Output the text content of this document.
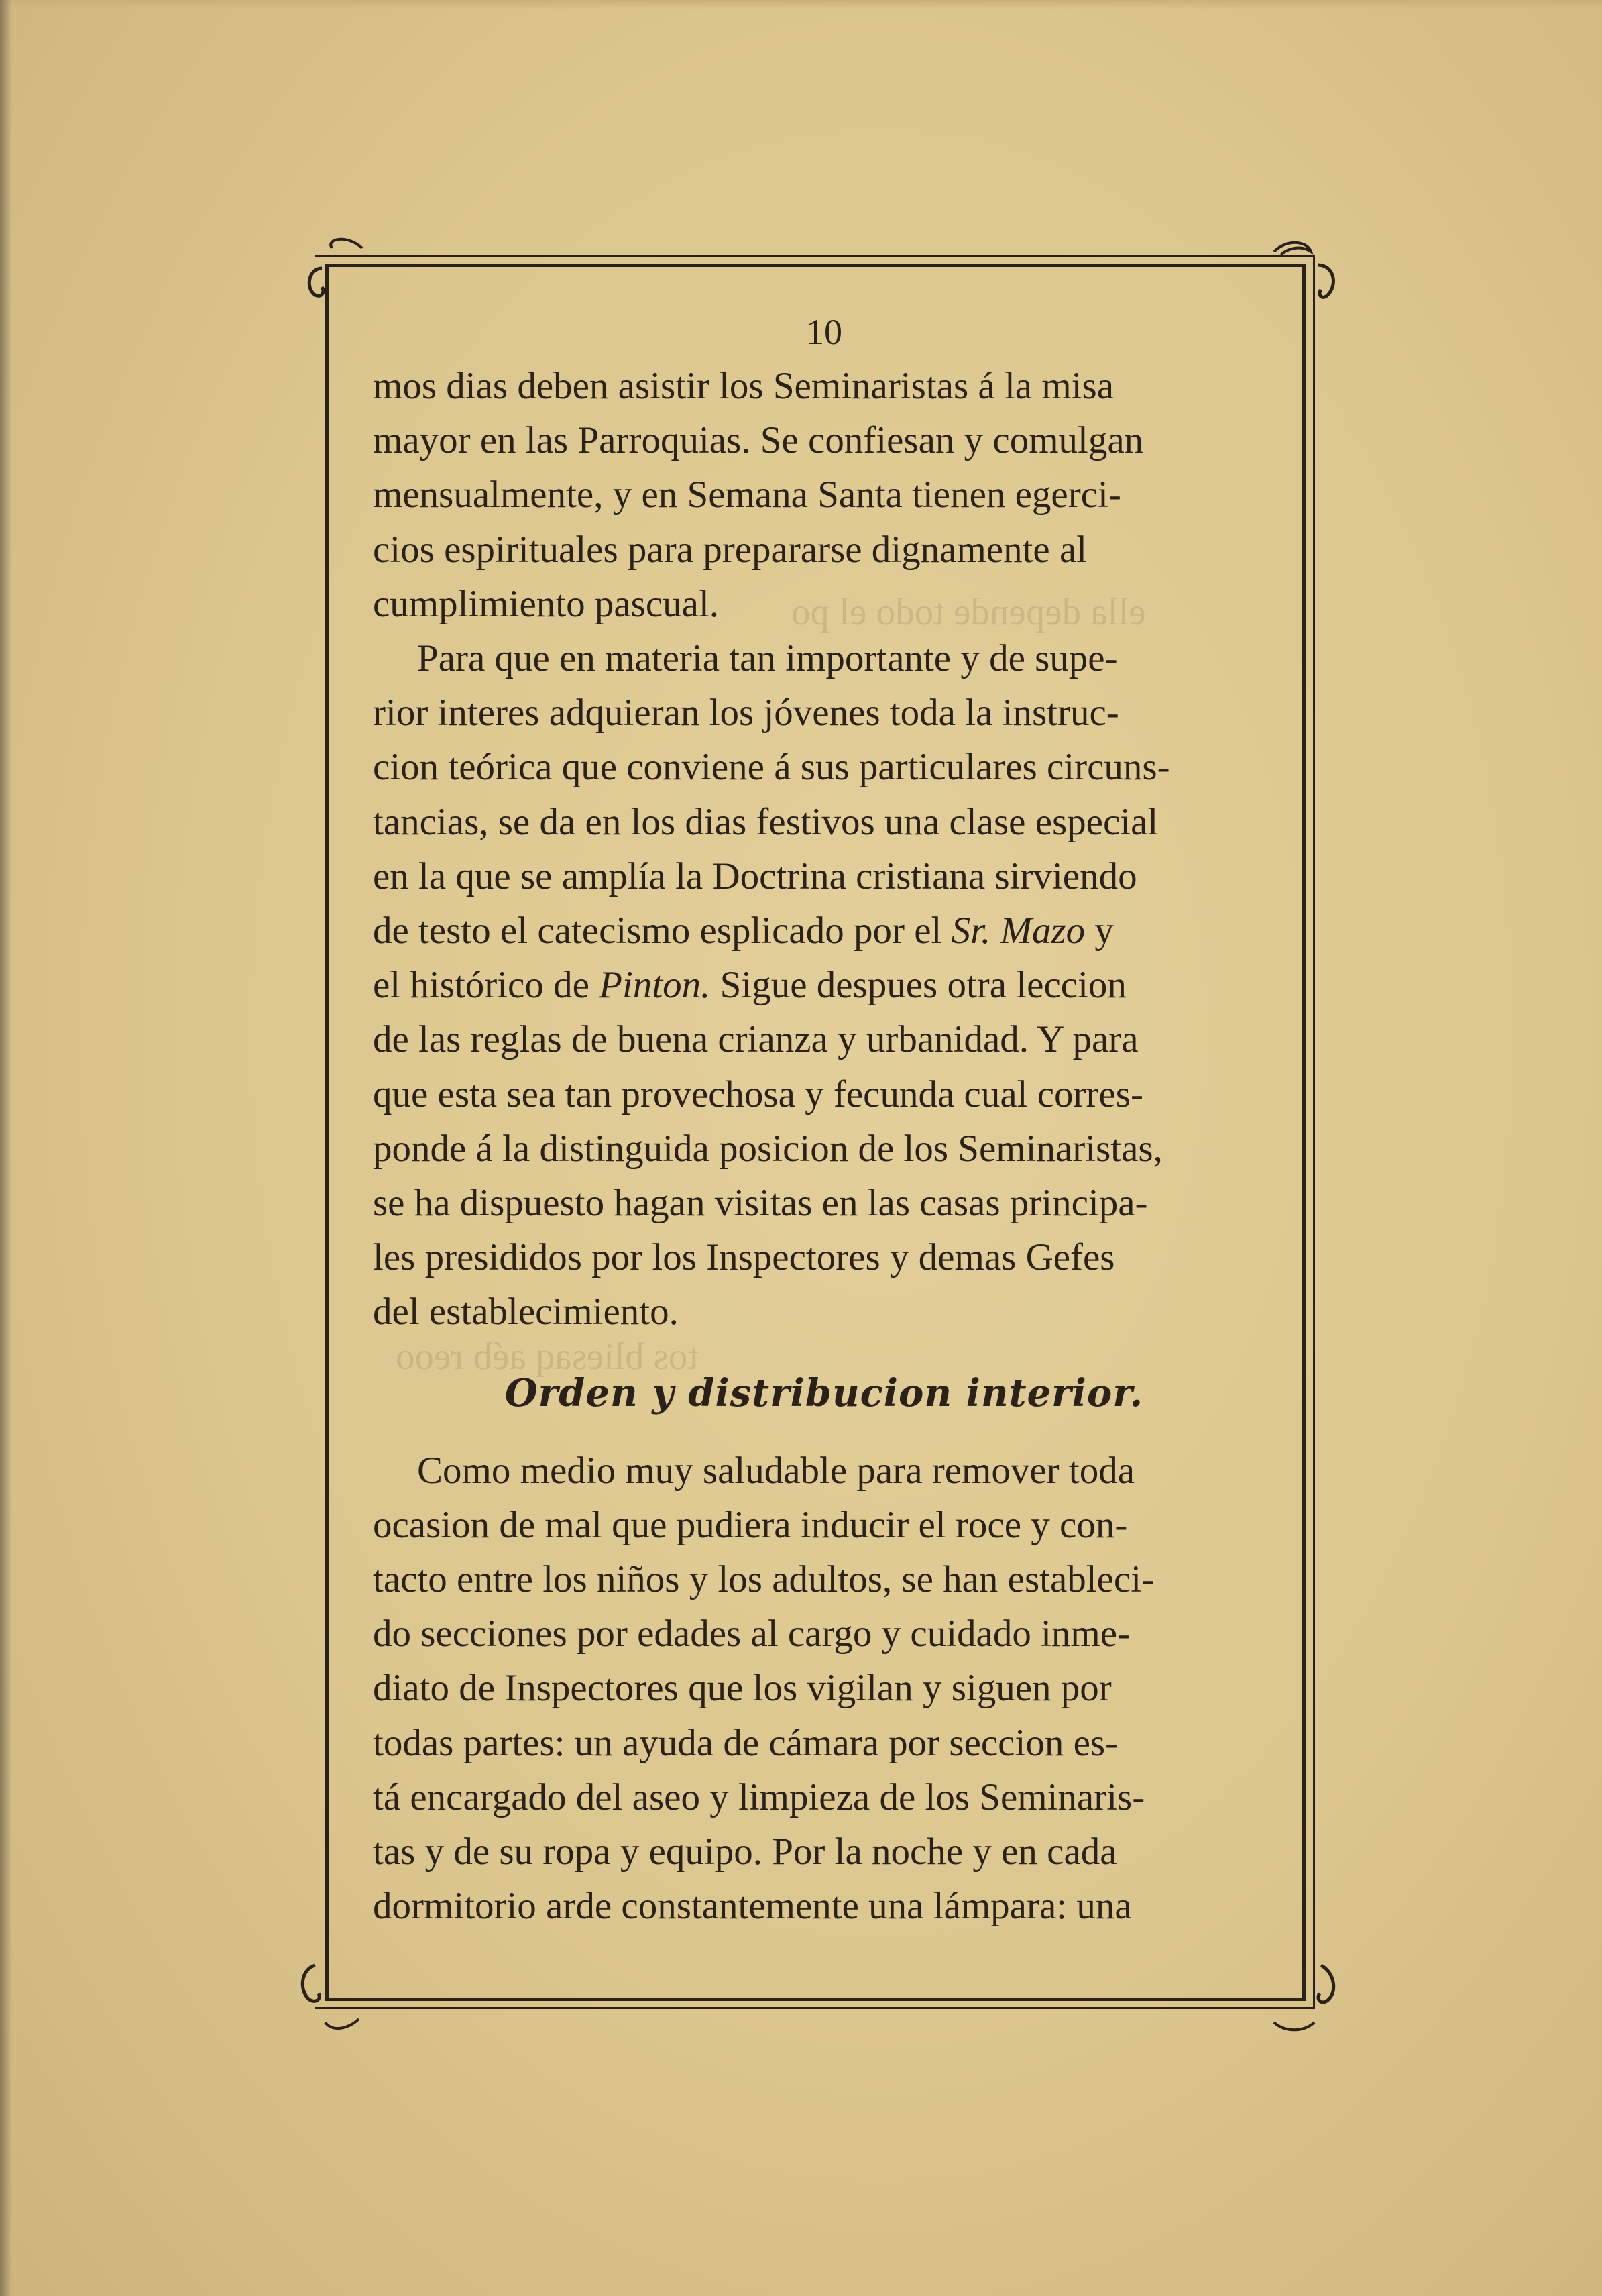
ella depende todo el po
tos bliesaq aéb reoo
10

mos dias deben asistir los Seminaristas á la misa
mayor en las Parroquias. Se confiesan y comulgan
mensualmente, y en Semana Santa tienen egerci-
cios espirituales para prepararse dignamente al
cumplimiento pascual.

Para que en materia tan importante y de supe-
rior interes adquieran los jóvenes toda la instruc-
cion teórica que conviene á sus particulares circuns-
tancias, se da en los dias festivos una clase especial
en la que se amplía la Doctrina cristiana sirviendo
de testo el catecismo esplicado por el Sr. Mazo y
el histórico de Pinton. Sigue despues otra leccion
de las reglas de buena crianza y urbanidad. Y para
que esta sea tan provechosa y fecunda cual corres-
ponde á la distinguida posicion de los Seminaristas,
se ha dispuesto hagan visitas en las casas principa-
les presididos por los Inspectores y demas Gefes
del establecimiento.

Orden y distribucion interior.

Como medio muy saludable para remover toda
ocasion de mal que pudiera inducir el roce y con-
tacto entre los niños y los adultos, se han estableci-
do secciones por edades al cargo y cuidado inme-
diato de Inspectores que los vigilan y siguen por
todas partes: un ayuda de cámara por seccion es-
tá encargado del aseo y limpieza de los Seminaris-
tas y de su ropa y equipo. Por la noche y en cada
dormitorio arde constantemente una lámpara: una
